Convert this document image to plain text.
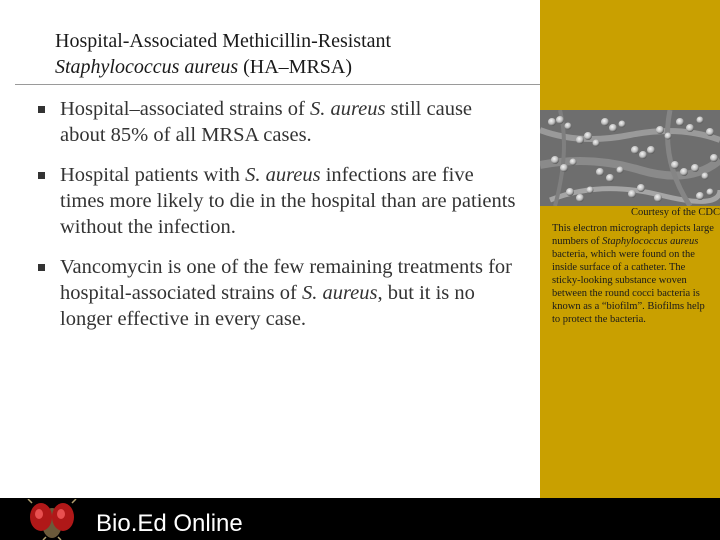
Hospital-Associated Methicillin-Resistant
Staphylococcus aureus (HA–MRSA)
Hospital–associated strains of S. aureus still cause about 85% of all MRSA cases.
Hospital patients with S. aureus infections are five times more likely to die in the hospital than are patients without the infection.
Vancomycin is one of the few remaining treatments for hospital-associated strains of S. aureus, but it is no longer effective in every case.
Courtesy of the CDC
This electron micrograph depicts large numbers of Staphylococcus aureus bacteria, which were found on the inside surface of a catheter. The sticky-looking substance woven between the round cocci bacteria is known as a “biofilm”. Biofilms help to protect the bacteria.
Bio.Ed Online
